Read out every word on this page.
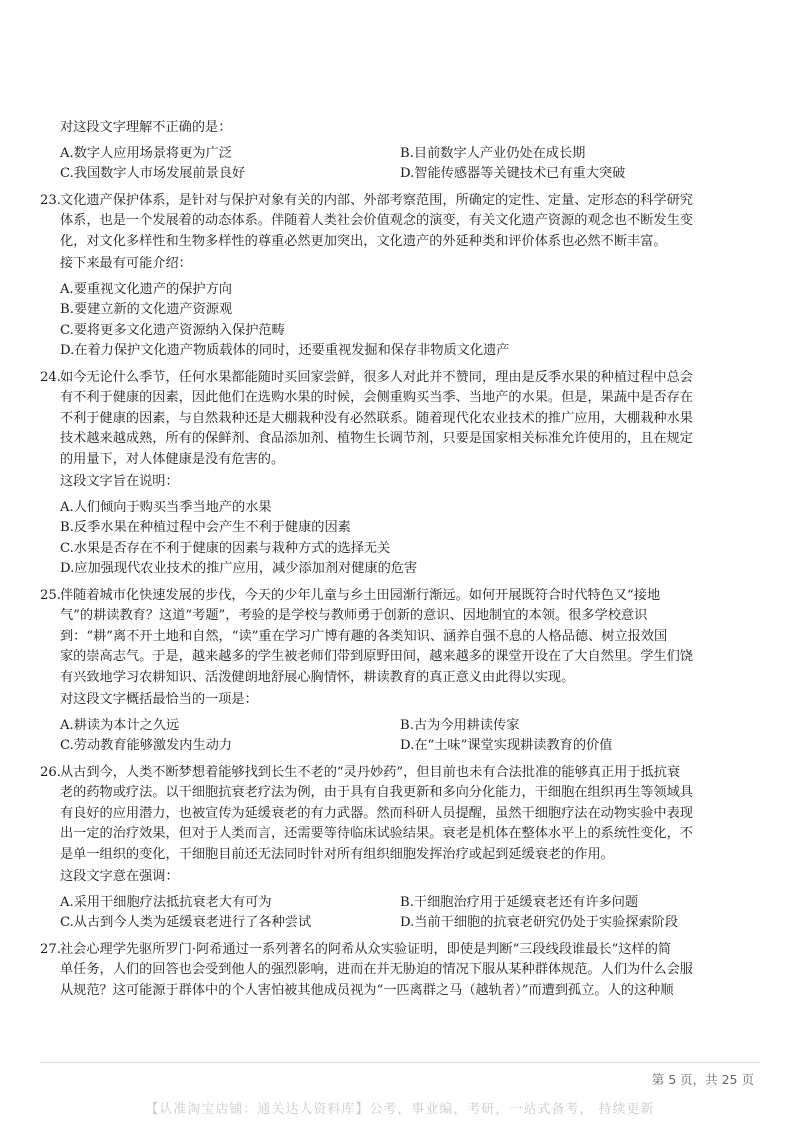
对这段文字理解不正确的是：
A.数字人应用场景将更为广泛	B.目前数字人产业仍处在成长期
C.我国数字人市场发展前景良好	D.智能传感器等关键技术已有重大突破
23.文化遗产保护体系，是针对与保护对象有关的内部、外部考察范围，所确定的定性、定量、定形态的科学研究
体系，也是一个发展着的动态体系。伴随着人类社会价值观念的演变，有关文化遗产资源的观念也不断发生变
化，对文化多样性和生物多样性的尊重必然更加突出，文化遗产的外延种类和评价体系也必然不断丰富。
接下来最有可能介绍：
A.要重视文化遗产的保护方向
B.要建立新的文化遗产资源观
C.要将更多文化遗产资源纳入保护范畴
D.在着力保护文化遗产物质载体的同时，还要重视发掘和保存非物质文化遗产
24.如今无论什么季节，任何水果都能随时买回家尝鲜，很多人对此并不赞同，理由是反季水果的种植过程中总会
有不利于健康的因素，因此他们在选购水果的时候，会侧重购买当季、当地产的水果。但是，果蔬中是否存在
不利于健康的因素，与自然栽种还是大棚栽种没有必然联系。随着现代化农业技术的推广应用，大棚栽种水果
技术越来越成熟，所有的保鲜剂、食品添加剂、植物生长调节剂，只要是国家相关标准允许使用的，且在规定
的用量下，对人体健康是没有危害的。
这段文字旨在说明：
A.人们倾向于购买当季当地产的水果
B.反季水果在种植过程中会产生不利于健康的因素
C.水果是否存在不利于健康的因素与栽种方式的选择无关
D.应加强现代农业技术的推广应用，减少添加剂对健康的危害
25.伴随着城市化快速发展的步伐，今天的少年儿童与乡土田园渐行渐远。如何开展既符合时代特色又“接地
气”的耕读教育？这道“考题”，考验的是学校与教师勇于创新的意识、因地制宜的本领。很多学校意识
到：“耕”离不开土地和自然，“读”重在学习广博有趣的各类知识、涵养自强不息的人格品德、树立报效国
家的崇高志气。于是，越来越多的学生被老师们带到原野田间，越来越多的课堂开设在了大自然里。学生们饶
有兴致地学习农耕知识、活泼健朗地舒展心胸情怀，耕读教育的真正意义由此得以实现。
对这段文字概括最恰当的一项是：
A.耕读为本计之久远	B.古为今用耕读传家
C.劳动教育能够激发内生动力	D.在“土味”课堂实现耕读教育的价值
26.从古到今，人类不断梦想着能够找到长生不老的“灵丹妙药”，但目前也未有合法批准的能够真正用于抵抗衰
老的药物或疗法。以干细胞抗衰老疗法为例，由于具有自我更新和多向分化能力，干细胞在组织再生等领域具
有良好的应用潜力，也被宣传为延缓衰老的有力武器。然而科研人员提醒，虽然干细胞疗法在动物实验中表现
出一定的治疗效果，但对于人类而言，还需要等待临床试验结果。衰老是机体在整体水平上的系统性变化，不
是单一组织的变化，干细胞目前还无法同时针对所有组织细胞发挥治疗或起到延缓衰老的作用。
这段文字意在强调：
A.采用干细胞疗法抵抗衰老大有可为	B.干细胞治疗用于延缓衰老还有许多问题
C.从古到今人类为延缓衰老进行了各种尝试	D.当前干细胞的抗衰老研究仍处于实验探索阶段
27.社会心理学先驱所罗门·阿希通过一系列著名的阿希从众实验证明，即使是判断“三段线段谁最长”这样的简
单任务，人们的回答也会受到他人的强烈影响，进而在并无胁迫的情况下服从某种群体规范。人们为什么会服
从规范？这可能源于群体中的个人害怕被其他成员视为“一匹离群之马（越轨者）”而遭到孤立。人的这种顺
第 5 页，共 25 页
【认准淘宝店铺：通关达人资料库】公考，事业编，考研，一站式备考， 持续更新
